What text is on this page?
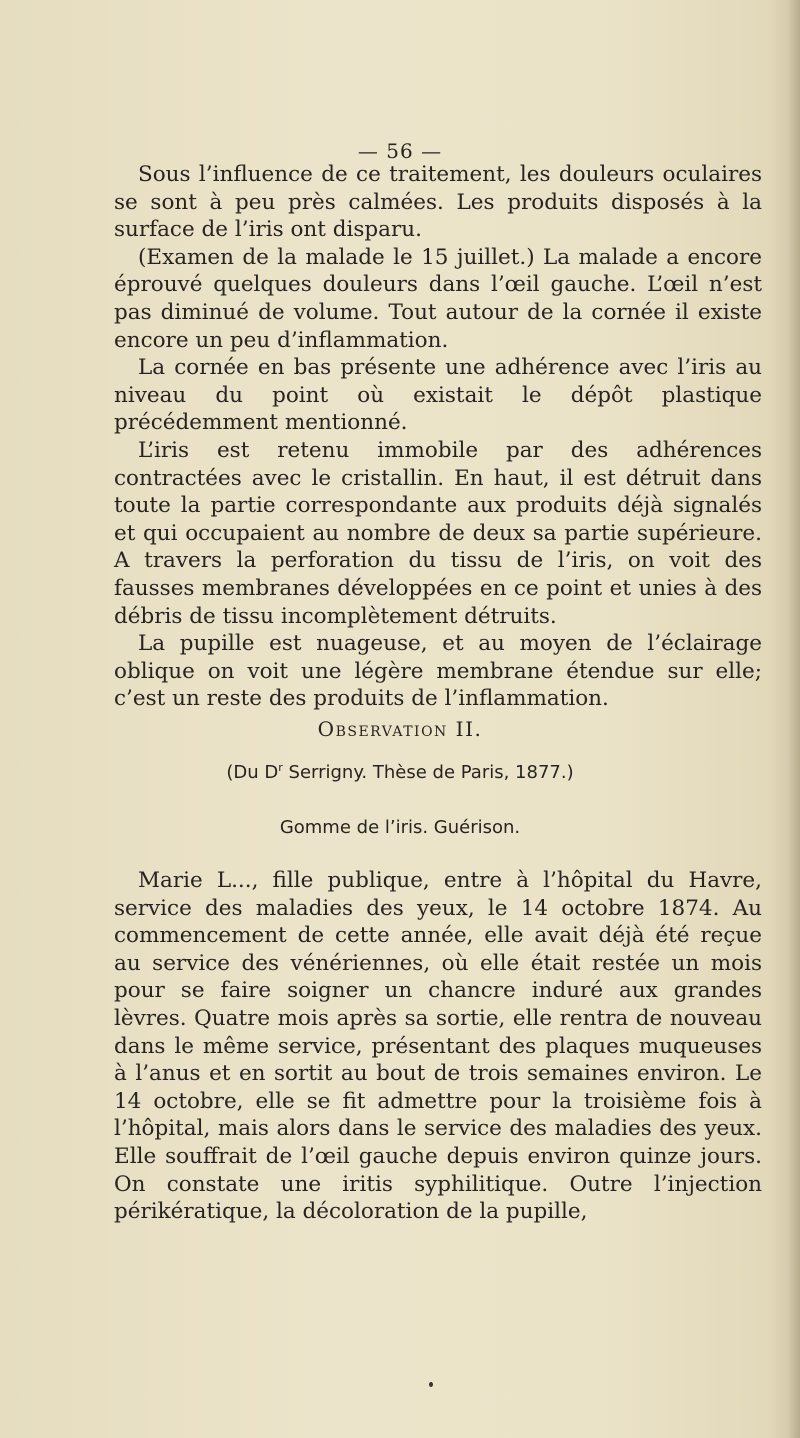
— 56 —

Sous l’influence de ce traitement, les douleurs oculaires se sont à peu près calmées. Les produits disposés à la surface de l’iris ont disparu.

(Examen de la malade le 15 juillet.) La malade a encore éprouvé quelques douleurs dans l’œil gauche. L’œil n’est pas diminué de volume. Tout autour de la cornée il existe encore un peu d’inflammation.

La cornée en bas présente une adhérence avec l’iris au niveau du point où existait le dépôt plastique précédemment mentionné.

L’iris est retenu immobile par des adhérences contractées avec le cristallin. En haut, il est détruit dans toute la partie correspondante aux produits déjà signalés et qui occupaient au nombre de deux sa partie supérieure. A travers la perforation du tissu de l’iris, on voit des fausses membranes développées en ce point et unies à des débris de tissu incomplètement détruits.

La pupille est nuageuse, et au moyen de l’éclairage oblique on voit une légère membrane étendue sur elle; c’est un reste des produits de l’inflammation.

Observation II.
(Du $D^r$ Serrigny. Thèse de Paris, 1877.)
Gomme de l’iris. Guérison.

Marie L..., fille publique, entre à l’hôpital du Havre, service des maladies des yeux, le 14 octobre 1874. Au commencement de cette année, elle avait déjà été reçue au service des vénériennes, où elle était restée un mois pour se faire soigner un chancre induré aux grandes lèvres. Quatre mois après sa sortie, elle rentra de nouveau dans le même service, présentant des plaques muqueuses à l’anus et en sortit au bout de trois semaines environ. Le 14 octobre, elle se fit admettre pour la troisième fois à l’hôpital, mais alors dans le service des maladies des yeux. Elle souffrait de l’œil gauche depuis environ quinze jours. On constate une iritis syphilitique. Outre l’injection périkératique, la décoloration de la pupille,
